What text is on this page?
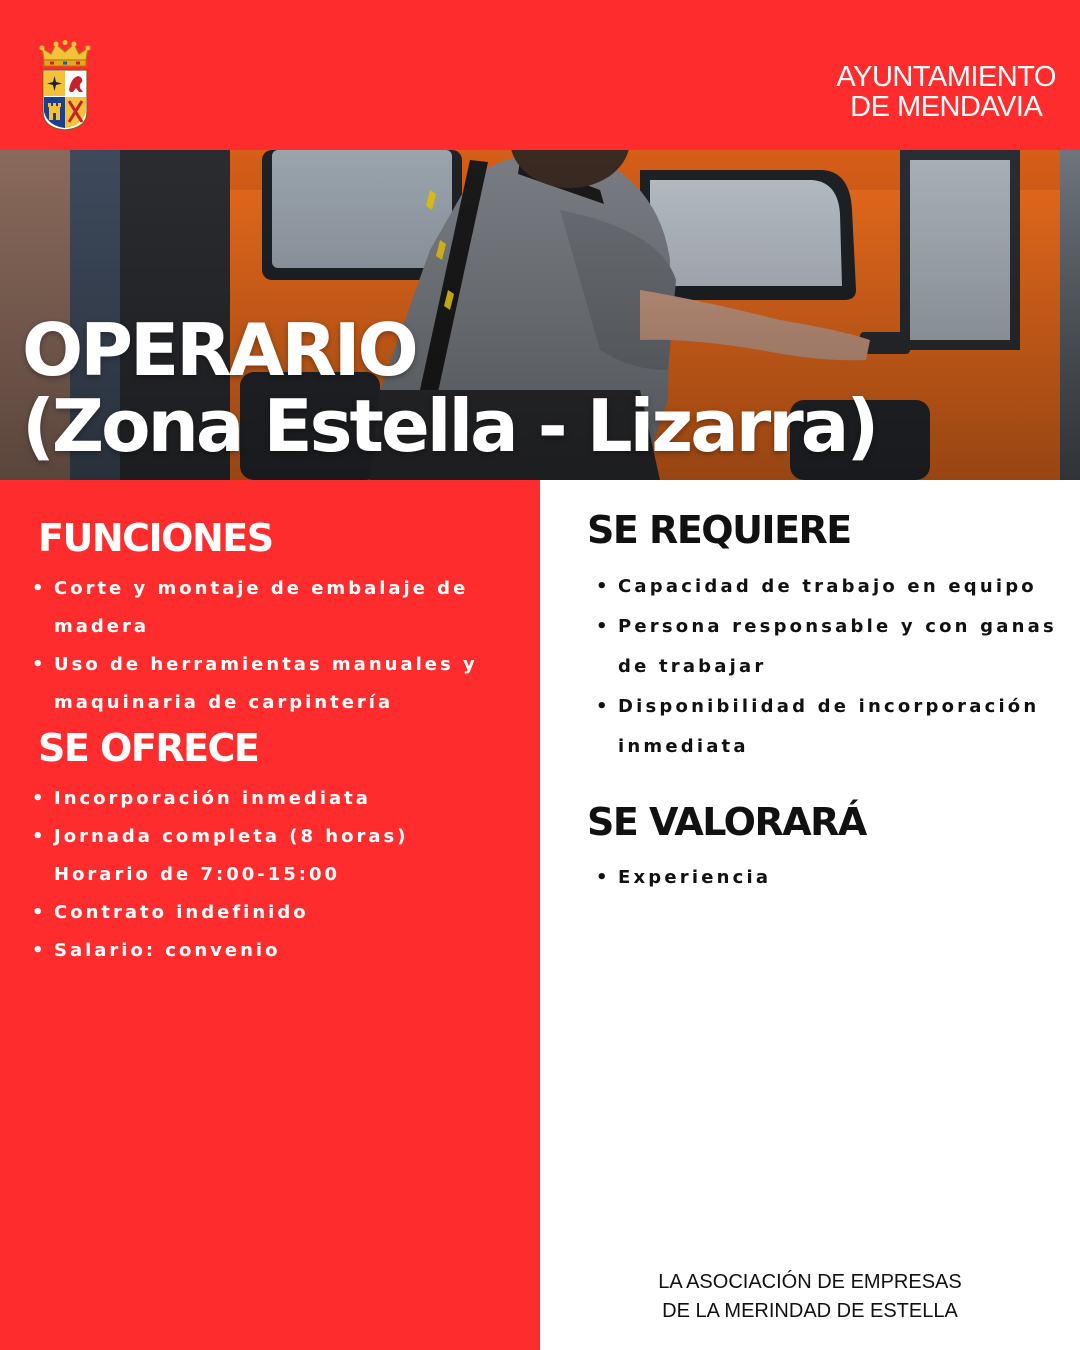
AYUNTAMIENTO
DE MENDAVIA
OPERARIO
(Zona Estella - Lizarra)
FUNCIONES
• Corte y montaje de embalaje de madera
• Uso de herramientas manuales y maquinaria de carpintería
SE OFRECE
• Incorporación inmediata
• Jornada completa (8 horas) Horario de 7:00-15:00
• Contrato indefinido
• Salario: convenio
SE REQUIERE
• Capacidad de trabajo en equipo
• Persona responsable y con ganas de trabajar
• Disponibilidad de incorporación inmediata
SE VALORARÁ
• Experiencia
LA ASOCIACIÓN DE EMPRESAS
DE LA MERINDAD DE ESTELLA
